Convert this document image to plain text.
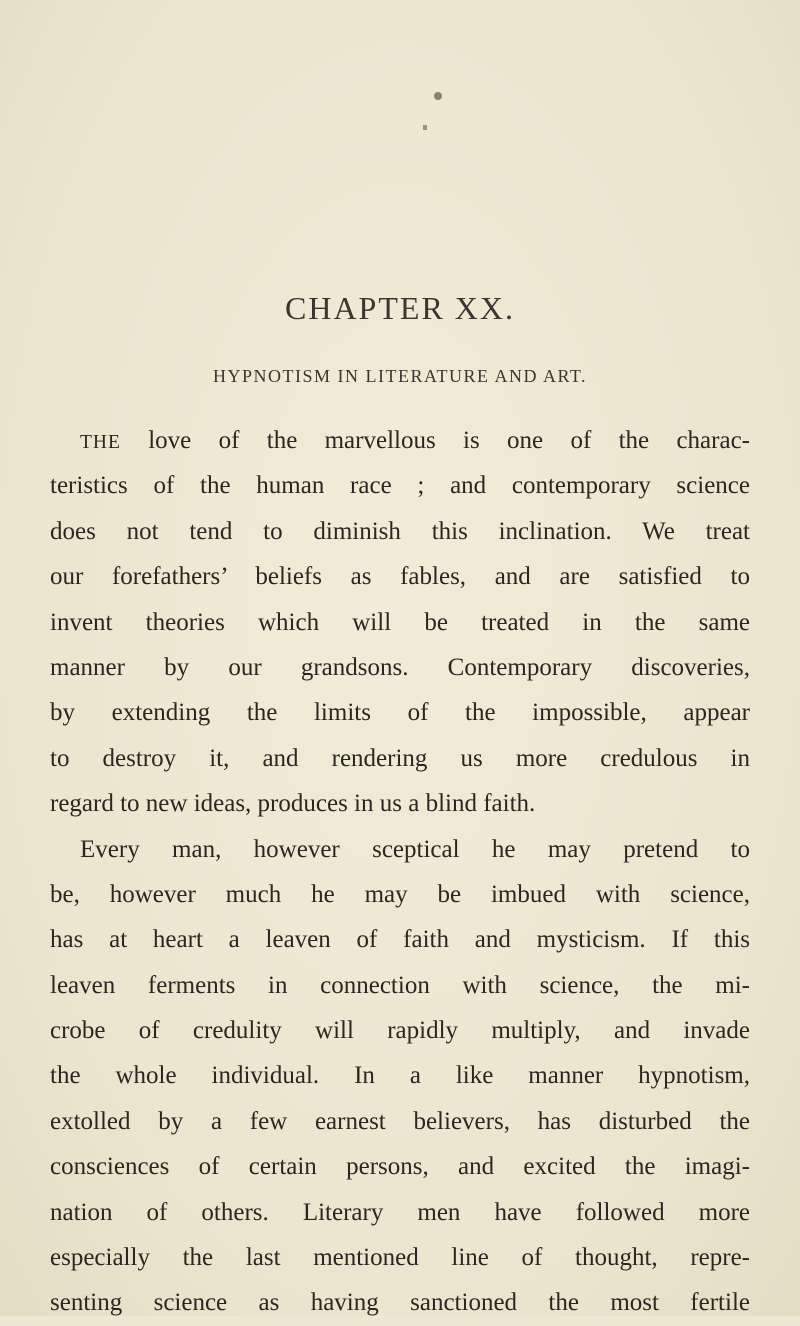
CHAPTER XX.
HYPNOTISM IN LITERATURE AND ART.
THE love of the marvellous is one of the charac-
teristics of the human race ; and contemporary science
does not tend to diminish this inclination. We treat
our forefathers’ beliefs as fables, and are satisfied to
invent theories which will be treated in the same
manner by our grandsons. Contemporary discoveries,
by extending the limits of the impossible, appear
to destroy it, and rendering us more credulous in
regard to new ideas, produces in us a blind faith.
Every man, however sceptical he may pretend to
be, however much he may be imbued with science,
has at heart a leaven of faith and mysticism. If this
leaven ferments in connection with science, the mi-
crobe of credulity will rapidly multiply, and invade
the whole individual. In a like manner hypnotism,
extolled by a few earnest believers, has disturbed the
consciences of certain persons, and excited the imagi-
nation of others. Literary men have followed more
especially the last mentioned line of thought, repre-
senting science as having sanctioned the most fertile
